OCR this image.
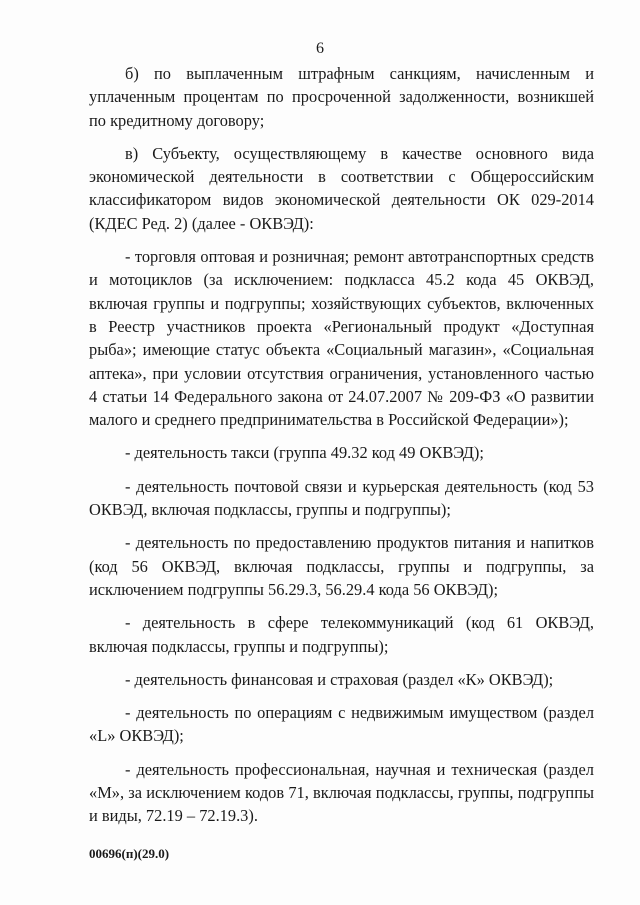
6

б) по выплаченным штрафным санкциям, начисленным и уплаченным процентам по просроченной задолженности, возникшей по кредитному договору;

в) Субъекту, осуществляющему в качестве основного вида экономической деятельности в соответствии с Общероссийским классификатором видов экономической деятельности ОК 029-2014 (КДЕС Ред. 2) (далее - ОКВЭД):

- торговля оптовая и розничная; ремонт автотранспортных средств и мотоциклов (за исключением: подкласса 45.2 кода 45 ОКВЭД, включая группы и подгруппы; хозяйствующих субъектов, включенных в Реестр участников проекта «Региональный продукт «Доступная рыба»; имеющие статус объекта «Социальный магазин», «Социальная аптека», при условии отсутствия ограничения, установленного частью 4 статьи 14 Федерального закона от 24.07.2007 № 209-ФЗ «О развитии малого и среднего предпринимательства в Российской Федерации»);

- деятельность такси (группа 49.32 код 49 ОКВЭД);

- деятельность почтовой связи и курьерская деятельность (код 53 ОКВЭД, включая подклассы, группы и подгруппы);

- деятельность по предоставлению продуктов питания и напитков (код 56 ОКВЭД, включая подклассы, группы и подгруппы, за исключением подгруппы 56.29.3, 56.29.4 кода 56 ОКВЭД);

- деятельность в сфере телекоммуникаций (код 61 ОКВЭД, включая подклассы, группы и подгруппы);

- деятельность финансовая и страховая (раздел «К» ОКВЭД);

- деятельность по операциям с недвижимым имуществом (раздел «L» ОКВЭД);

- деятельность профессиональная, научная и техническая (раздел «М», за исключением кодов 71, включая подклассы, группы, подгруппы и виды, 72.19 – 72.19.3).

00696(п)(29.0)
